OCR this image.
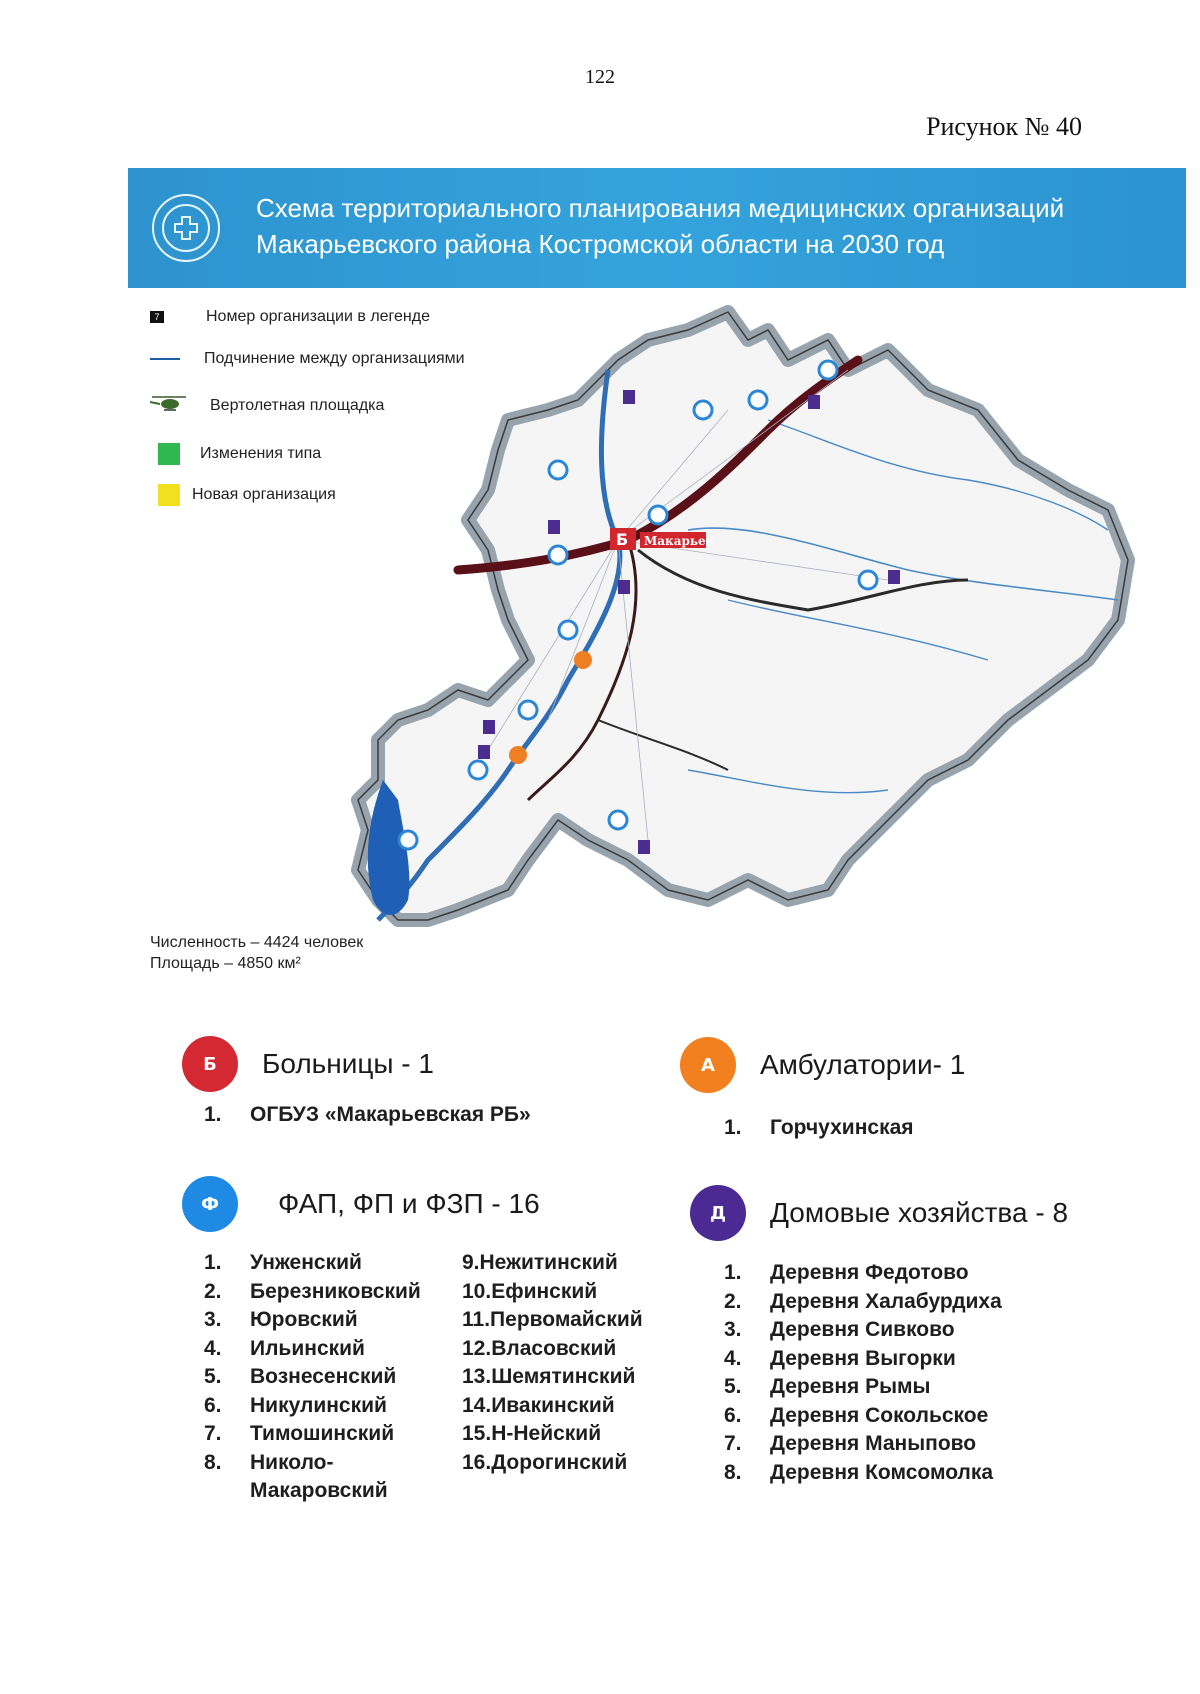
122
Рисунок № 40
Схема территориального планирования медицинских организаций
Макарьевского района Костромской области на 2030 год
Б Макарьев
7	Номер организации в легенде
Подчинение между организациями
Вертолетная площадка
Изменения типа
Новая организация
Численность – 4424 человек
Площадь – 4850 км²
Б	Больницы - 1
1. ОГБУЗ «Макарьевская РБ»
А	Амбулатории- 1
1. Горчухинская
Ф	ФАП, ФП и ФЗП - 16
1. Унженский
2. Березниковский
3. Юровский
4. Ильинский
5. Вознесенский
6. Никулинский
7. Тимошинский
8. Николо-
Макаровский
9.Нежитинский
10.Ефинский
11.Первомайский
12.Власовский
13.Шемятинский
14.Ивакинский
15.Н-Нейский
16.Дорогинский
Д	Домовые хозяйства - 8
1. Деревня Федотово
2. Деревня Халабурдиха
3. Деревня Сивково
4. Деревня Выгорки
5. Деревня Рымы
6. Деревня Сокольское
7. Деревня Маныпово
8. Деревня Комсомолка
